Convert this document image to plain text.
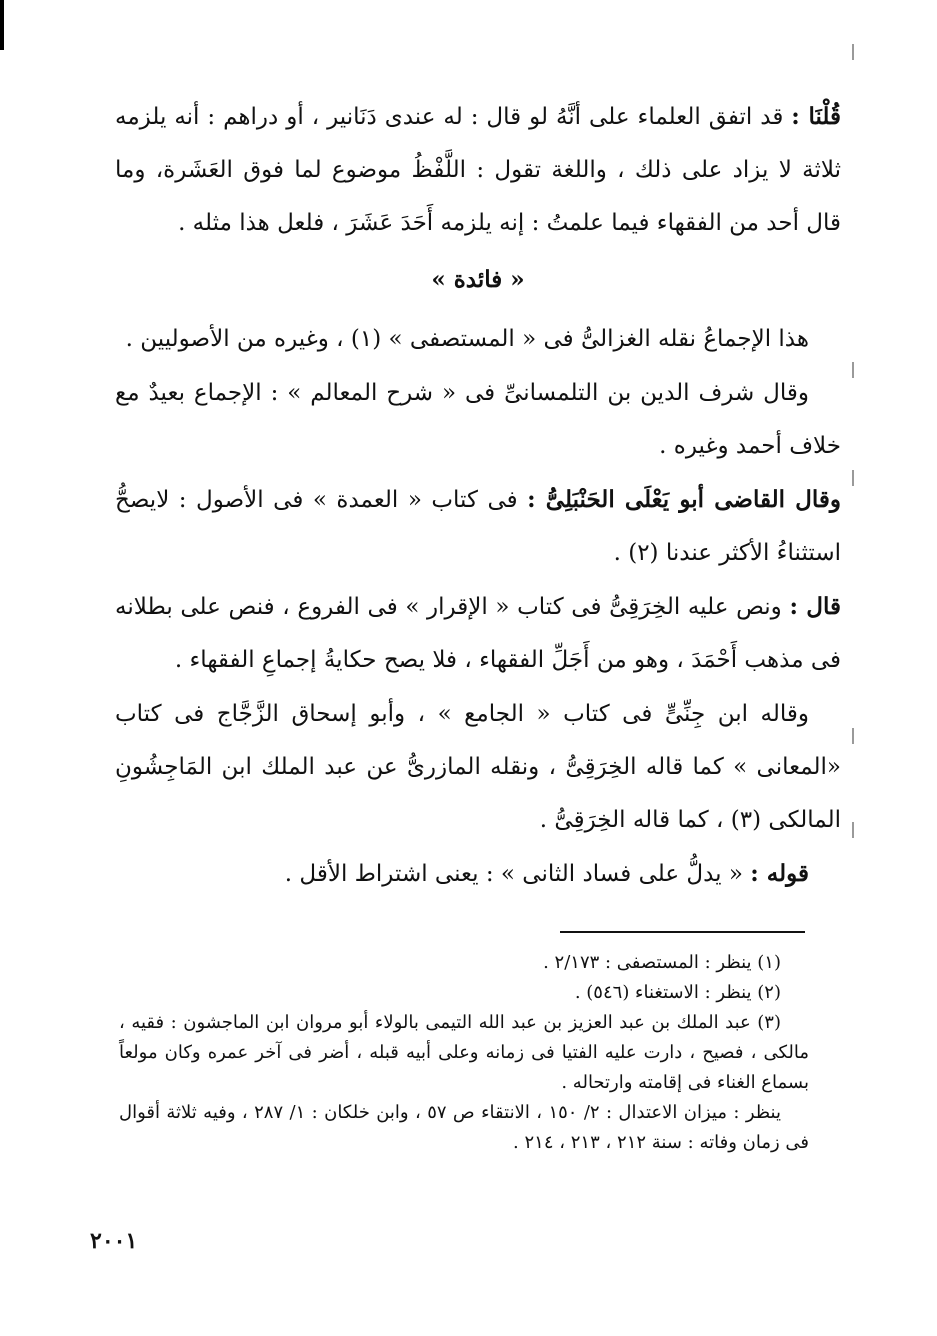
قُلْنَا : قد اتفق العلماء على أنَّهُ لو قال : له عندى دَنَانير ، أو دراهم : أنه يلزمه ثلاثة لا يزاد على ذلك ، واللغة تقول : اللَّفْظُ موضوع لما فوق العَشَرة، وما قال أحد من الفقهاء فيما علمتُ : إنه يلزمه أَحَدَ عَشَرَ ، فلعل هذا مثله .

« فائدة »

هذا الإجماعُ نقله الغزالىُّ فى « المستصفى » (١) ، وغيره من الأصوليين .

وقال شرف الدين بن التلمسانىِّ فى « شرح المعالم » : الإجماع بعيدٌ مع خلاف أحمد وغيره .

وقال القاضى أبو يَعْلَى الحَنْبَلِىُّ : فى كتاب « العمدة » فى الأصول : لايصحُّ استثناءُ الأكثر عندنا (٢) .

قال : ونص عليه الخِرَقِىُّ فى كتاب « الإقرار » فى الفروع ، فنص على بطلانه فى مذهب أَحْمَدَ ، وهو من أَجَلِّ الفقهاء ، فلا يصح حكايةُ إجماعِ الفقهاء .

وقاله ابن جِنِّىٍّ فى كتاب « الجامع » ، وأبو إسحاق الزَّجَّاج فى كتاب «المعانى » كما قاله الخِرَقِىُّ ، ونقله المازرىُّ عن عبد الملك ابن المَاجِشُونِ المالكى (٣) ، كما قاله الخِرَقِىُّ .

قوله : « يدلُّ على فساد الثانى » : يعنى اشتراط الأقل .

(١) ينظر : المستصفى : ٢/١٧٣ .

(٢) ينظر : الاستغناء (٥٤٦) .

(٣) عبد الملك بن عبد العزيز بن عبد الله التيمى بالولاء أبو مروان ابن الماجشون : فقيه ، مالكى ، فصيح ، دارت عليه الفتيا فى زمانه وعلى أبيه قبله ، أضر فى آخر عمره وكان مولعاً بسماع الغناء فى إقامته وارتحاله .

ينظر : ميزان الاعتدال : ٢/ ١٥٠ ، الانتقاء ص ٥٧ ، وابن خلكان : ١/ ٢٨٧ ، وفيه ثلاثة أقوال فى زمان وفاته : سنة ٢١٢ ، ٢١٣ ، ٢١٤ .

٢٠٠١
